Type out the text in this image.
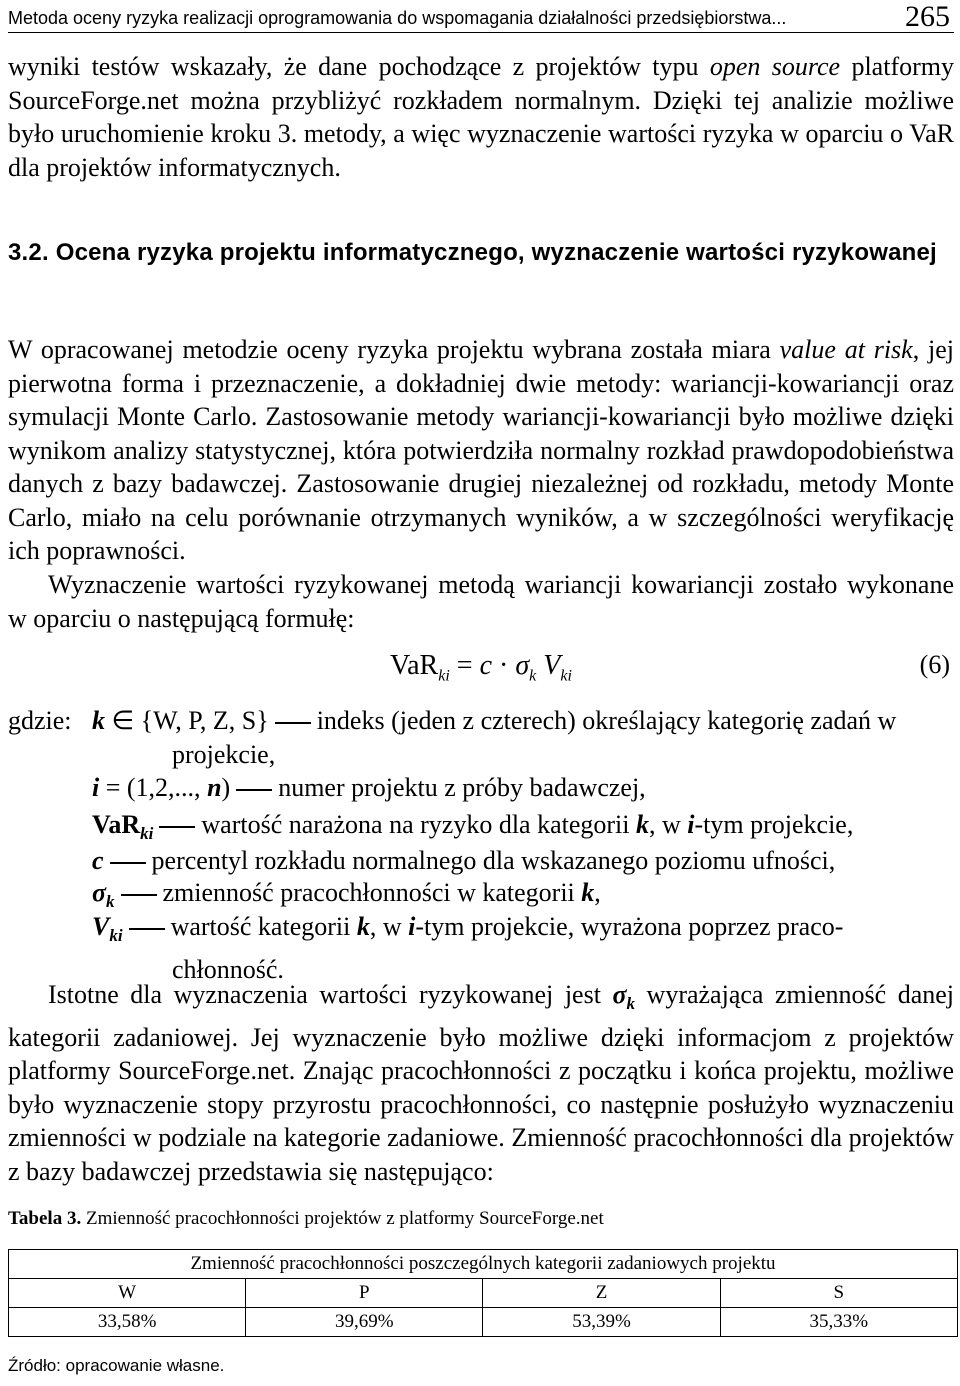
Metoda oceny ryzyka realizacji oprogramowania do wspomagania działalności przedsiębiorstwa...	265

wyniki testów wskazały, że dane pochodzące z projektów typu open source platformy SourceForge.net można przybliżyć rozkładem normalnym. Dzięki tej analizie możliwe było uruchomienie kroku 3. metody, a więc wyznaczenie wartości ryzyka w oparciu o VaR dla projektów informatycznych.

3.2. Ocena ryzyka projektu informatycznego, wyznaczenie wartości ryzykowanej

W opracowanej metodzie oceny ryzyka projektu wybrana została miara value at risk, jej pierwotna forma i przeznaczenie, a dokładniej dwie metody: wariancji-kowariancji oraz symulacji Monte Carlo. Zastosowanie metody wariancji-kowariancji było możliwe dzięki wynikom analizy statystycznej, która potwierdziła normalny rozkład prawdopodobieństwa danych z bazy badawczej. Zastosowanie drugiej niezależnej od rozkładu, metody Monte Carlo, miało na celu porównanie otrzymanych wyników, a w szczególności weryfikację ich poprawności.

Wyznaczenie wartości ryzykowanej metodą wariancji kowariancji zostało wykonane w oparciu o następującą formułę:

$VaR_{ki} = c \cdot \sigma_k$ $V_{ki}$	(6)
gdzie: k ∈ {W, P, Z, S} indeks (jeden z czterech) określający kategorię zadań w
projekcie,
i = (1,2,..., n) numer projektu z próby badawczej,
VaR$_{ki}$ wartość narażona na ryzyko dla kategorii k, w i-tym projekcie,
c percentyl rozkładu normalnego dla wskazanego poziomu ufności,
$\sigma_k$ zmienność pracochłonności w kategorii k,
$V_{ki}$ wartość kategorii k, w i-tym projekcie, wyrażona poprzez praco-
chłonność.

Istotne dla wyznaczenia wartości ryzykowanej jest $\sigma_k$ wyrażająca zmienność danej kategorii zadaniowej. Jej wyznaczenie było możliwe dzięki informacjom z projektów platformy SourceForge.net. Znając pracochłonności z początku i końca projektu, możliwe było wyznaczenie stopy przyrostu pracochłonności, co następnie posłużyło wyznaczeniu zmienności w podziale na kategorie zadaniowe. Zmienność pracochłonności dla projektów z bazy badawczej przedstawia się następująco:

Tabela 3. Zmienność pracochłonności projektów z platformy SourceForge.net
Zmienność pracochłonności poszczególnych kategorii zadaniowych projektu			
W	P	Z	S
33,58%	39,69%	53,39%	35,33%
Źródło: opracowanie własne.
